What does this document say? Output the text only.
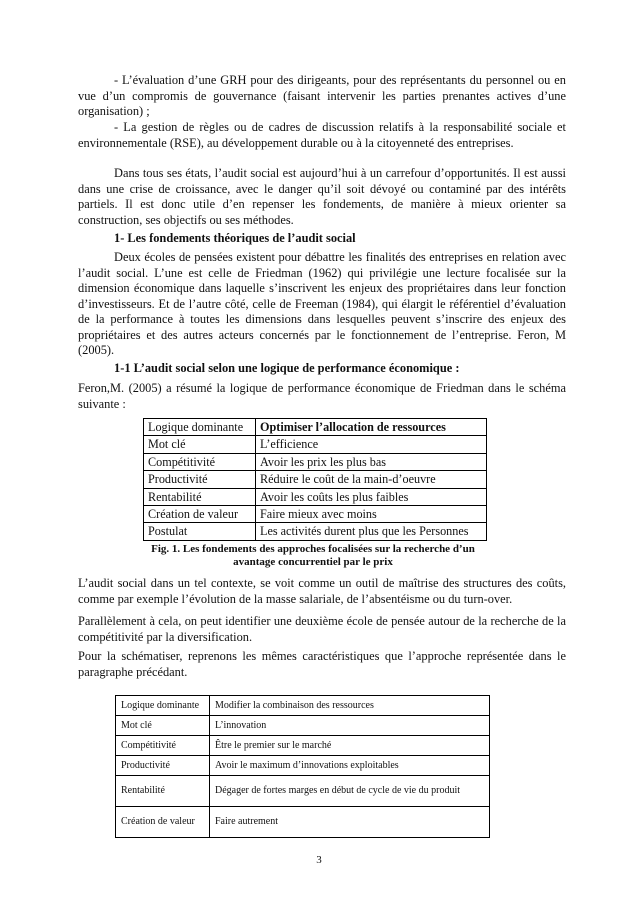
- L’évaluation d’une GRH pour des dirigeants, pour des représentants du personnel ou en vue d’un compromis de gouvernance (faisant intervenir les parties prenantes actives d’une organisation) ;

- La gestion de règles ou de cadres de discussion relatifs à la responsabilité sociale et environnementale (RSE), au développement durable ou à la citoyenneté des entreprises.

Dans tous ses états, l’audit social est aujourd’hui à un carrefour d’opportunités. Il est aussi dans une crise de croissance, avec le danger qu’il soit dévoyé ou contaminé par des intérêts partiels. Il est donc utile d’en repenser les fondements, de manière à mieux orienter sa construction, ses objectifs ou ses méthodes.

1- Les fondements théoriques de l’audit social

Deux écoles de pensées existent pour débattre les finalités des entreprises en relation avec l’audit social. L’une est celle de Friedman (1962) qui privilégie une lecture focalisée sur la dimension économique dans laquelle s’inscrivent les enjeux des propriétaires dans leur fonction d’investisseurs. Et de l’autre côté, celle de Freeman (1984), qui élargit le référentiel d’évaluation de la performance à toutes les dimensions dans lesquelles peuvent s’inscrire des enjeux des propriétaires et des autres acteurs concernés par le fonctionnement de l’entreprise. Feron, M (2005).

1-1 L’audit social selon une logique de performance économique :

Feron,M. (2005) a résumé la logique de performance économique de Friedman dans le schéma suivante :

Logique dominante	Optimiser l’allocation de ressources
Mot clé	L’efficience
Compétitivité	Avoir les prix les plus bas
Productivité	Réduire le coût de la main-d’oeuvre
Rentabilité	Avoir les coûts les plus faibles
Création de valeur	Faire mieux avec moins
Postulat	Les activités durent plus que les Personnes

Fig. 1. Les fondements des approches focalisées sur la recherche d’un avantage concurrentiel par le prix

L’audit social dans un tel contexte, se voit comme un outil de maîtrise des structures des coûts, comme par exemple l’évolution de la masse salariale, de l’absentéisme ou du turn-over.

Parallèlement à cela, on peut identifier une deuxième école de pensée autour de la recherche de la compétitivité par la diversification.

Pour la schématiser, reprenons les mêmes caractéristiques que l’approche représentée dans le paragraphe précédant.

Logique dominante	Modifier la combinaison des ressources
Mot clé	L’innovation
Compétitivité	Être le premier sur le marché
Productivité	Avoir le maximum d’innovations exploitables
Rentabilité	Dégager de fortes marges en début de cycle de vie du produit
Création de valeur	Faire autrement

3
